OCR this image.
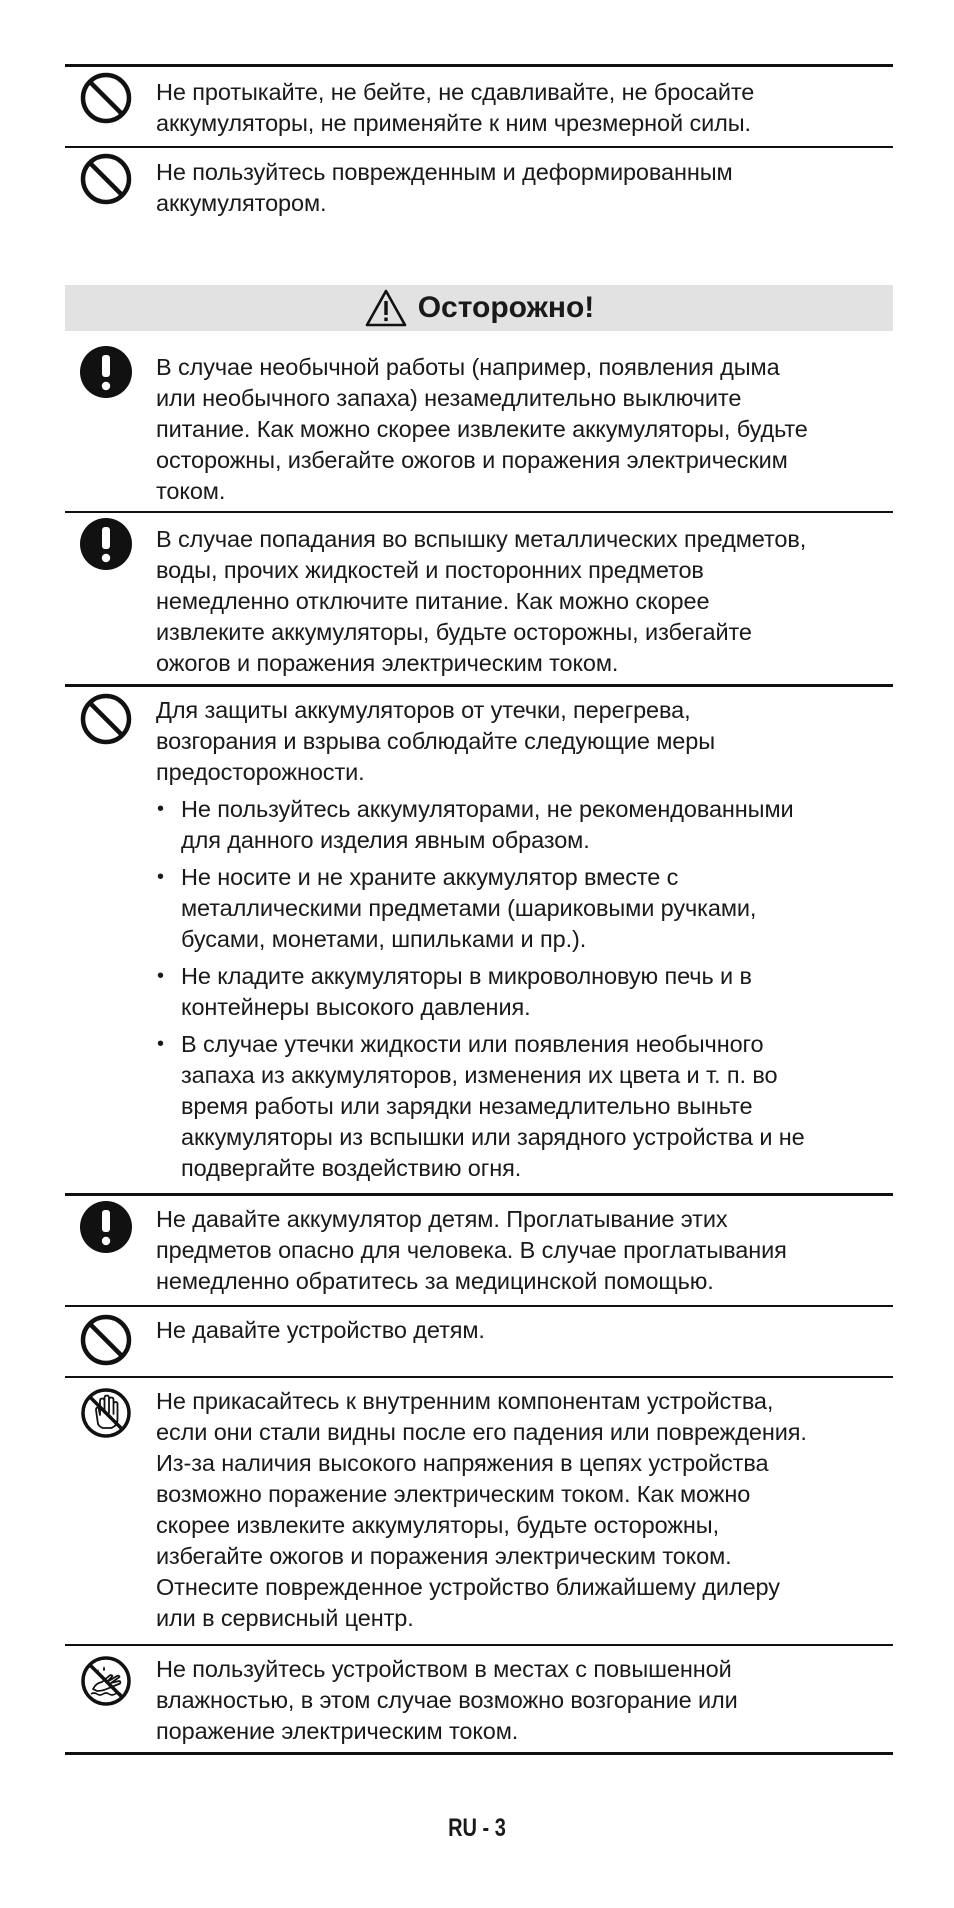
Не протыкайте, не бейте, не сдавливайте, не бросайте
аккумуляторы, не применяйте к ним чрезмерной силы.
Не пользуйтесь поврежденным и деформированным
аккумулятором.
Осторожно!
В случае необычной работы (например, появления дыма
или необычного запаха) незамедлительно выключите
питание. Как можно скорее извлеките аккумуляторы, будьте
осторожны, избегайте ожогов и поражения электрическим
током.
В случае попадания во вспышку металлических предметов,
воды, прочих жидкостей и посторонних предметов
немедленно отключите питание. Как можно скорее
извлеките аккумуляторы, будьте осторожны, избегайте
ожогов и поражения электрическим током.
Для защиты аккумуляторов от утечки, перегрева,
возгорания и взрыва соблюдайте следующие меры
предосторожности.
• Не пользуйтесь аккумуляторами, не рекомендованными
для данного изделия явным образом.
• Не носите и не храните аккумулятор вместе с
металлическими предметами (шариковыми ручками,
бусами, монетами, шпильками и пр.).
• Не кладите аккумуляторы в микроволновую печь и в
контейнеры высокого давления.
• В случае утечки жидкости или появления необычного
запаха из аккумуляторов, изменения их цвета и т. п. во
время работы или зарядки незамедлительно выньте
аккумуляторы из вспышки или зарядного устройства и не
подвергайте воздействию огня.
Не давайте аккумулятор детям. Проглатывание этих
предметов опасно для человека. В случае проглатывания
немедленно обратитесь за медицинской помощью.
Не давайте устройство детям.
Не прикасайтесь к внутренним компонентам устройства,
если они стали видны после его падения или повреждения.
Из-за наличия высокого напряжения в цепях устройства
возможно поражение электрическим током. Как можно
скорее извлеките аккумуляторы, будьте осторожны,
избегайте ожогов и поражения электрическим током.
Отнесите поврежденное устройство ближайшему дилеру
или в сервисный центр.
Не пользуйтесь устройством в местах с повышенной
влажностью, в этом случае возможно возгорание или
поражение электрическим током.
RU - 3
